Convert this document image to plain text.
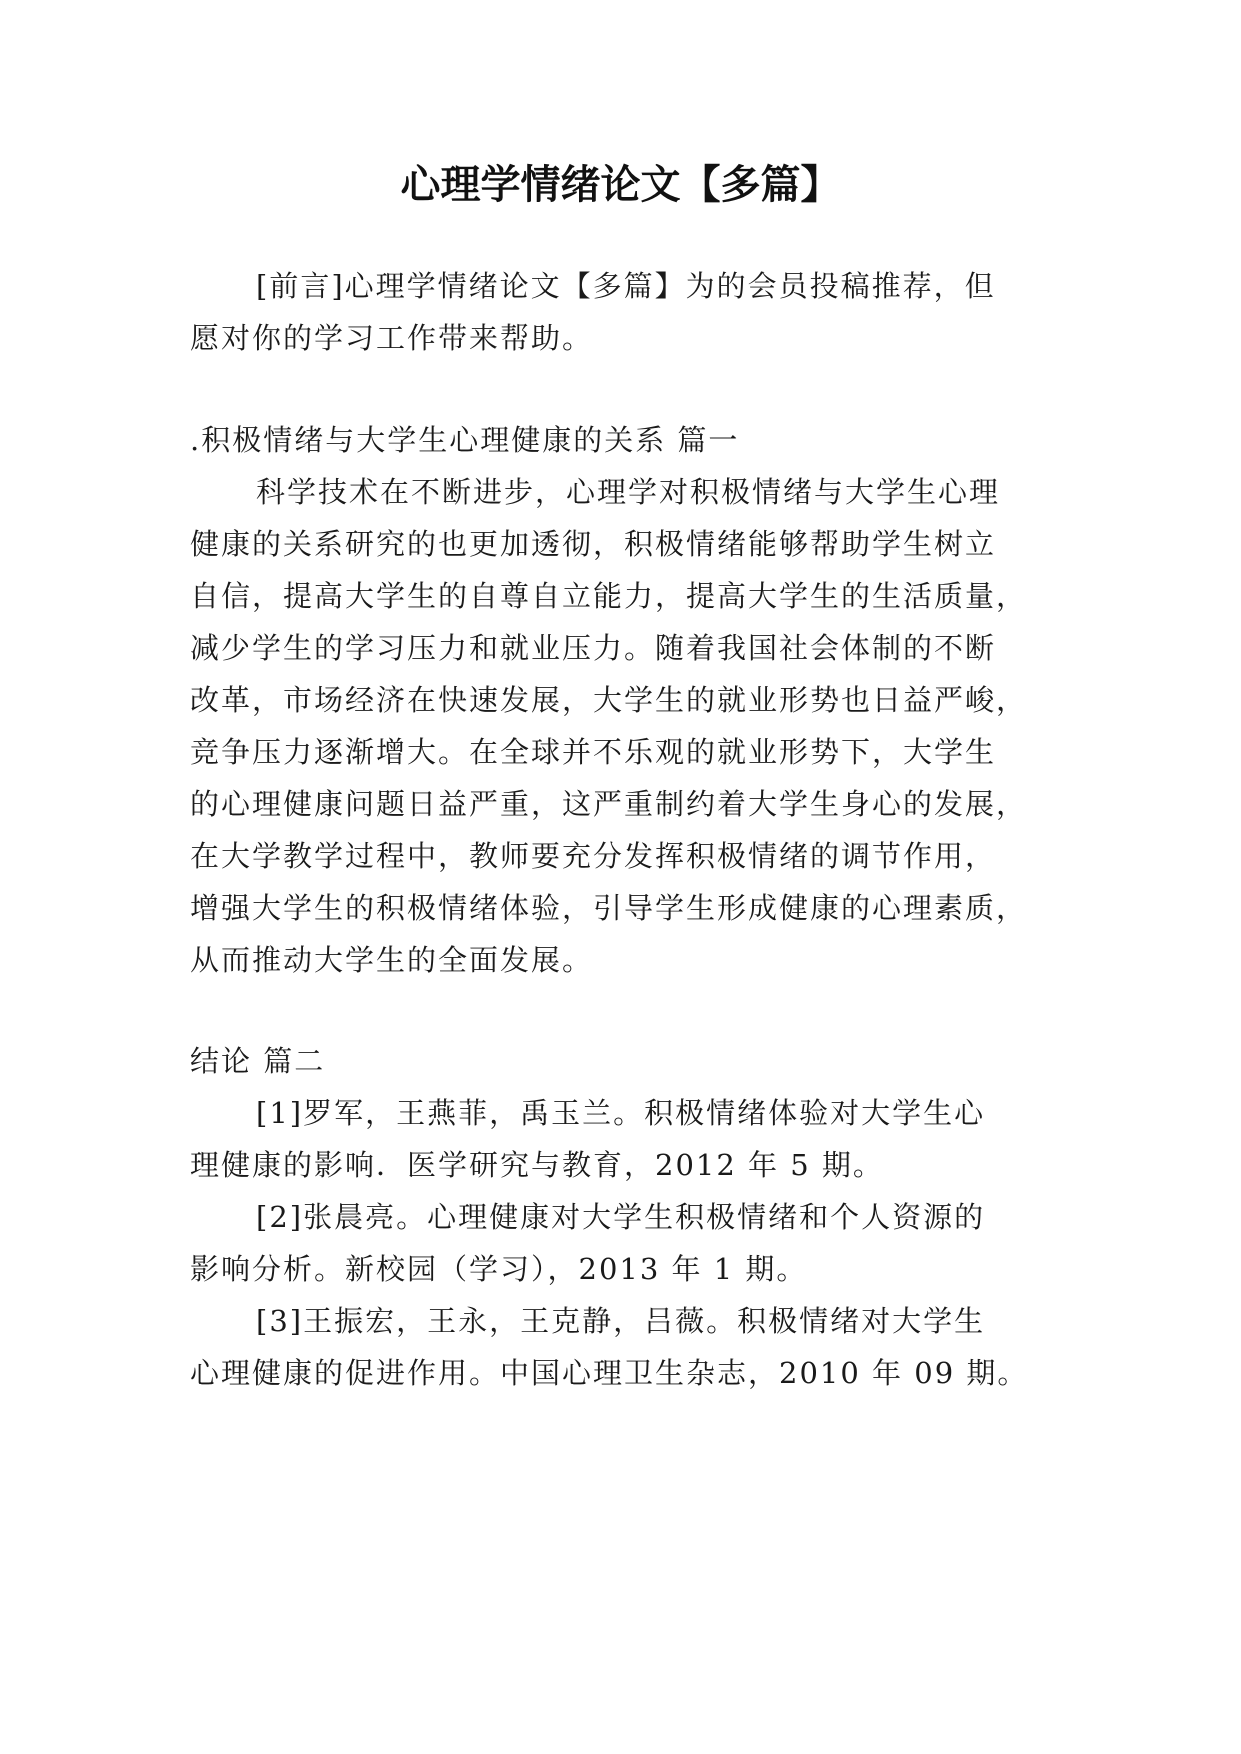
心理学情绪论文【多篇】

[前言]心理学情绪论文【多篇】为的会员投稿推荐，但

愿对你的学习工作带来帮助。

.积极情绪与大学生心理健康的关系 篇一

科学技术在不断进步，心理学对积极情绪与大学生心理

健康的关系研究的也更加透彻，积极情绪能够帮助学生树立

自信，提高大学生的自尊自立能力，提高大学生的生活质量，

减少学生的学习压力和就业压力。随着我国社会体制的不断

改革，市场经济在快速发展，大学生的就业形势也日益严峻，

竞争压力逐渐增大。在全球并不乐观的就业形势下，大学生

的心理健康问题日益严重，这严重制约着大学生身心的发展，

在大学教学过程中，教师要充分发挥积极情绪的调节作用，

增强大学生的积极情绪体验，引导学生形成健康的心理素质，

从而推动大学生的全面发展。

结论 篇二

[1]罗军，王燕菲，禹玉兰。积极情绪体验对大学生心

理健康的影响．医学研究与教育，2012 年 5 期。

[2]张晨亮。心理健康对大学生积极情绪和个人资源的

影响分析。新校园（学习），2013 年 1 期。

[3]王振宏，王永，王克静，吕薇。积极情绪对大学生

心理健康的促进作用。中国心理卫生杂志，2010 年 09 期。
